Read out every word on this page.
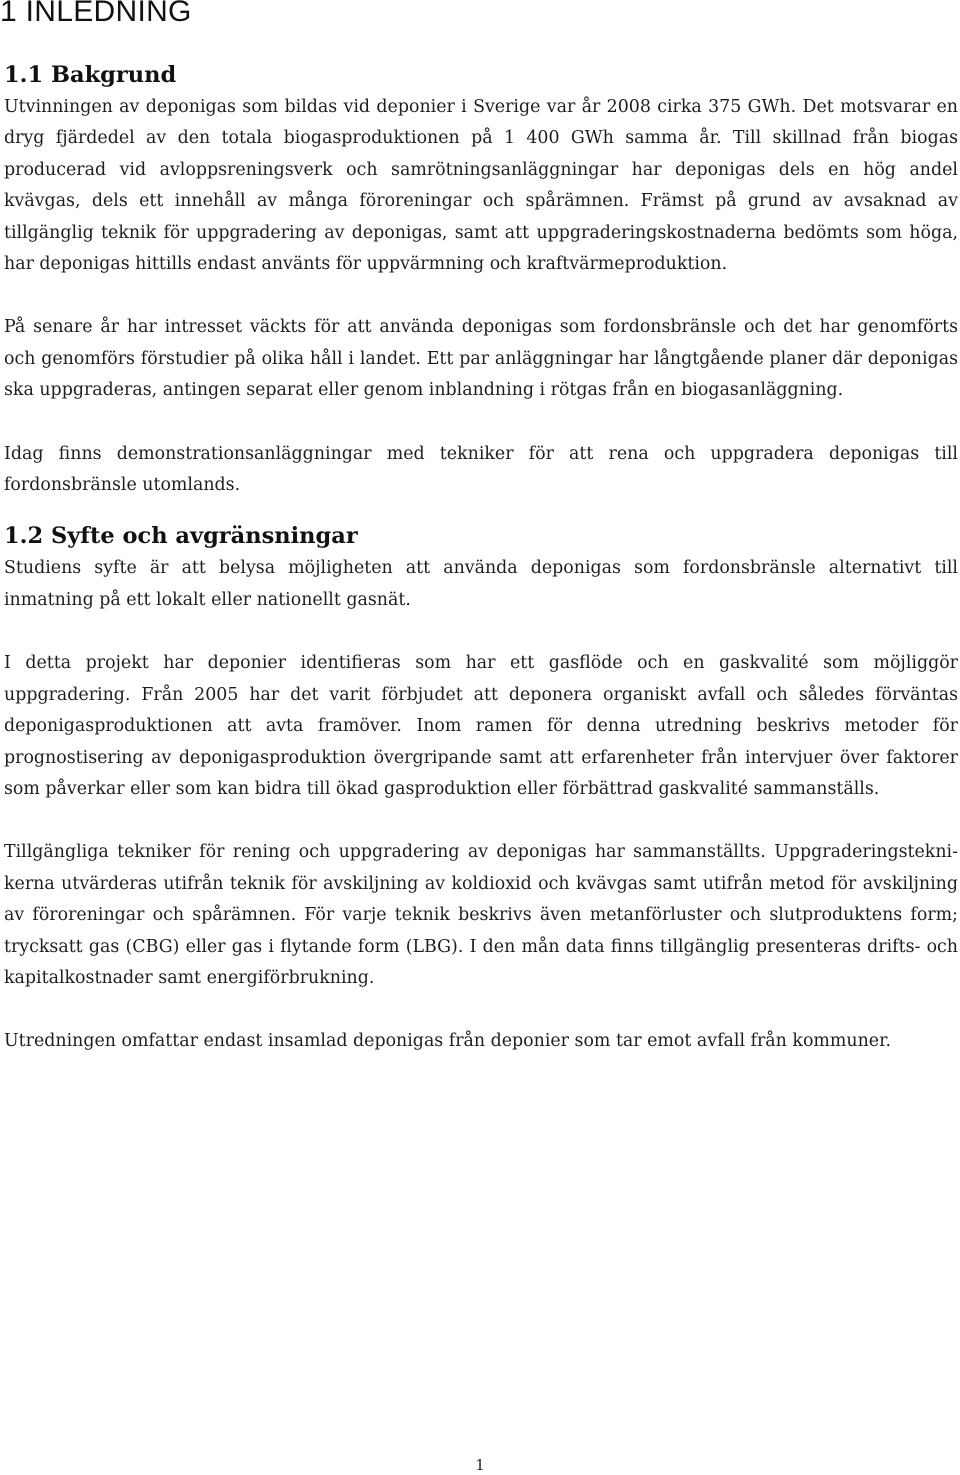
1 INLEDNING
1.1 Bakgrund

Utvinningen av deponigas som bildas vid deponier i Sverige var år 2008 cirka 375 GWh. Det motsvarar en dryg fjärdedel av den totala biogasproduktionen på 1 400 GWh samma år. Till skillnad från biogas producerad vid avloppsreningsverk och samrötningsanläggningar har deponigas dels en hög andel kvävgas, dels ett innehåll av många föroreningar och spårämnen. Främst på grund av avsaknad av tillgänglig teknik för uppgradering av deponigas, samt att uppgraderingskostnaderna bedömts som höga, har deponigas hittills endast använts för uppvärmning och kraftvärmeproduktion.

På senare år har intresset väckts för att använda deponigas som fordonsbränsle och det har genomförts och genomförs förstudier på olika håll i landet. Ett par anläggningar har långtgående planer där deponigas ska uppgraderas, antingen separat eller genom inblandning i rötgas från en biogasanläggning.

Idag finns demonstrationsanläggningar med tekniker för att rena och uppgradera deponigas till fordonsbränsle utomlands.

1.2 Syfte och avgränsningar

Studiens syfte är att belysa möjligheten att använda deponigas som fordonsbränsle alternativt till inmatning på ett lokalt eller nationellt gasnät.

I detta projekt har deponier identifieras som har ett gasflöde och en gaskvalité som möjliggör uppgradering. Från 2005 har det varit förbjudet att deponera organiskt avfall och således förväntas deponigasproduktionen att avta framöver. Inom ramen för denna utredning beskrivs metoder för prognostisering av deponigasproduktion övergripande samt att erfarenheter från intervjuer över faktorer som påverkar eller som kan bidra till ökad gasproduktion eller förbättrad gaskvalité sammanställs.

Tillgängliga tekniker för rening och uppgradering av deponigas har sammanställts. Uppgraderingsteknikerna utvärderas utifrån teknik för avskiljning av koldioxid och kvävgas samt utifrån metod för avskiljning av föroreningar och spårämnen. För varje teknik beskrivs även metanförluster och slutproduktens form; trycksatt gas (CBG) eller gas i flytande form (LBG). I den mån data finns tillgänglig presenteras drifts- och kapitalkostnader samt energiförbrukning.

Utredningen omfattar endast insamlad deponigas från deponier som tar emot avfall från kommuner.

1
